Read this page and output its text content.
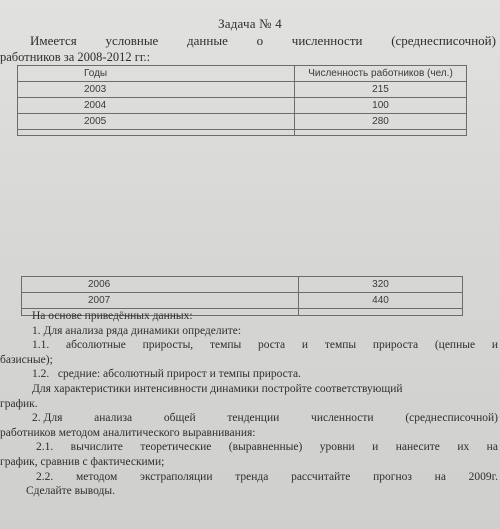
Задача № 4
Имеется условные данные о численности (среднесписочной)
работников за 2008-2012 гг.:
Годы	Численность работников (чел.)
2003	215
2004	100
2005	280

2006	320
2007	440

На основе приведённых данных:

1. Для анализа ряда динамики определите:

1.1. абсолютные приросты, темпы роста и темпы прироста (цепные и

базисные);

1.2.   средние: абсолютный прирост и темпы прироста.

Для характеристики интенсивности динамики постройте соответствующий

график.

2. Для	анализа	общей	тенденции	численности	(среднесписочной)

работников методом аналитического выравнивания:

2.1. вычислите теоретические (выравненные) уровни и нанесите их на

график, сравнив с фактическими;

2.2. методом экстраполяции тренда рассчитайте прогноз на 2009г.

Сделайте выводы.
